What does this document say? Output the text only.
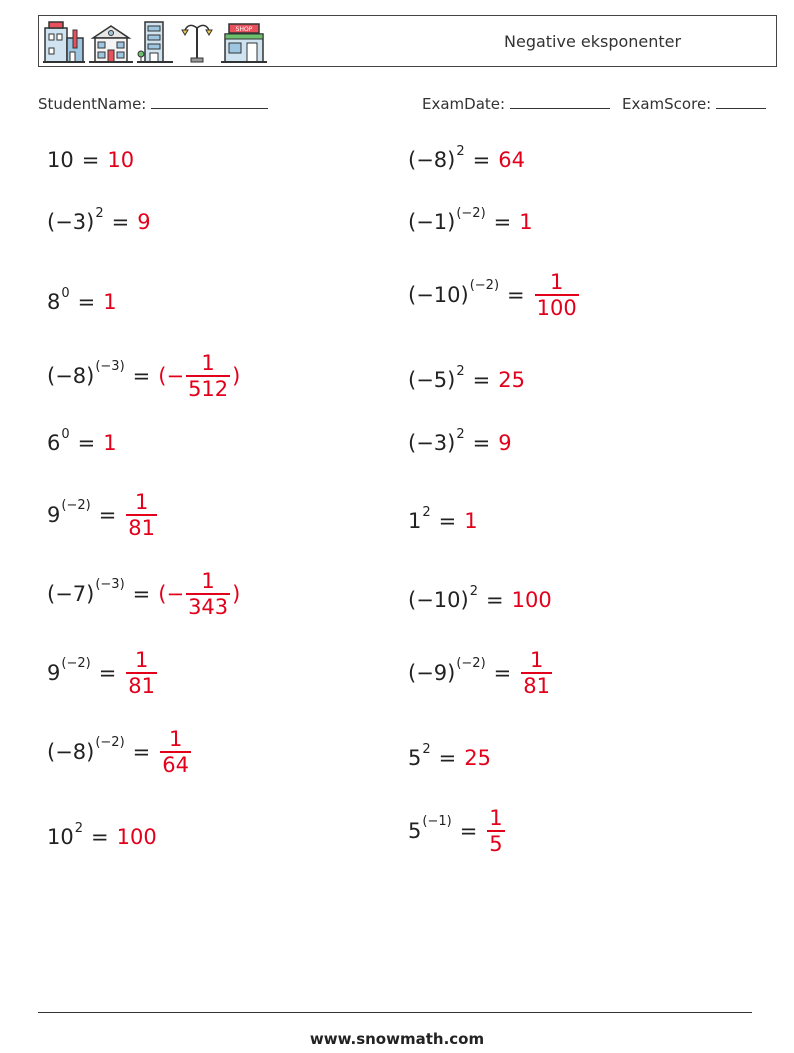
SHOP
Negative eksponenter
StudentName:	ExamDate:	ExamScore:
10 = 10
$(-3)^2 = 9$
$8^0 = 1$
$(-8)^{(-3)}$ = (− $\frac{1}{512}$ )
$6^0 = 1$
$9^{(-2)} = \frac{1}{81}$
$(-7)^{(-3)}$ = (− $\frac{1}{343}$ )
$9^{(-2)} = \frac{1}{81}$
$(-8)^{(-2)} = \frac{1}{64}$
$10^2 = 100$
$(-8)^2 = 64$
$(-1)^{(-2)} = 1$
$(-10)^{(-2)} = \frac{1}{100}$
$(-5)^2 = 25$
$(-3)^2 = 9$
$1^2 = 1$
$(-10)^2 = 100$
$(-9)^{(-2)} = \frac{1}{81}$
$5^2 = 25$
$5^{(-1)} = \frac{1}{5}$
www.snowmath.com
